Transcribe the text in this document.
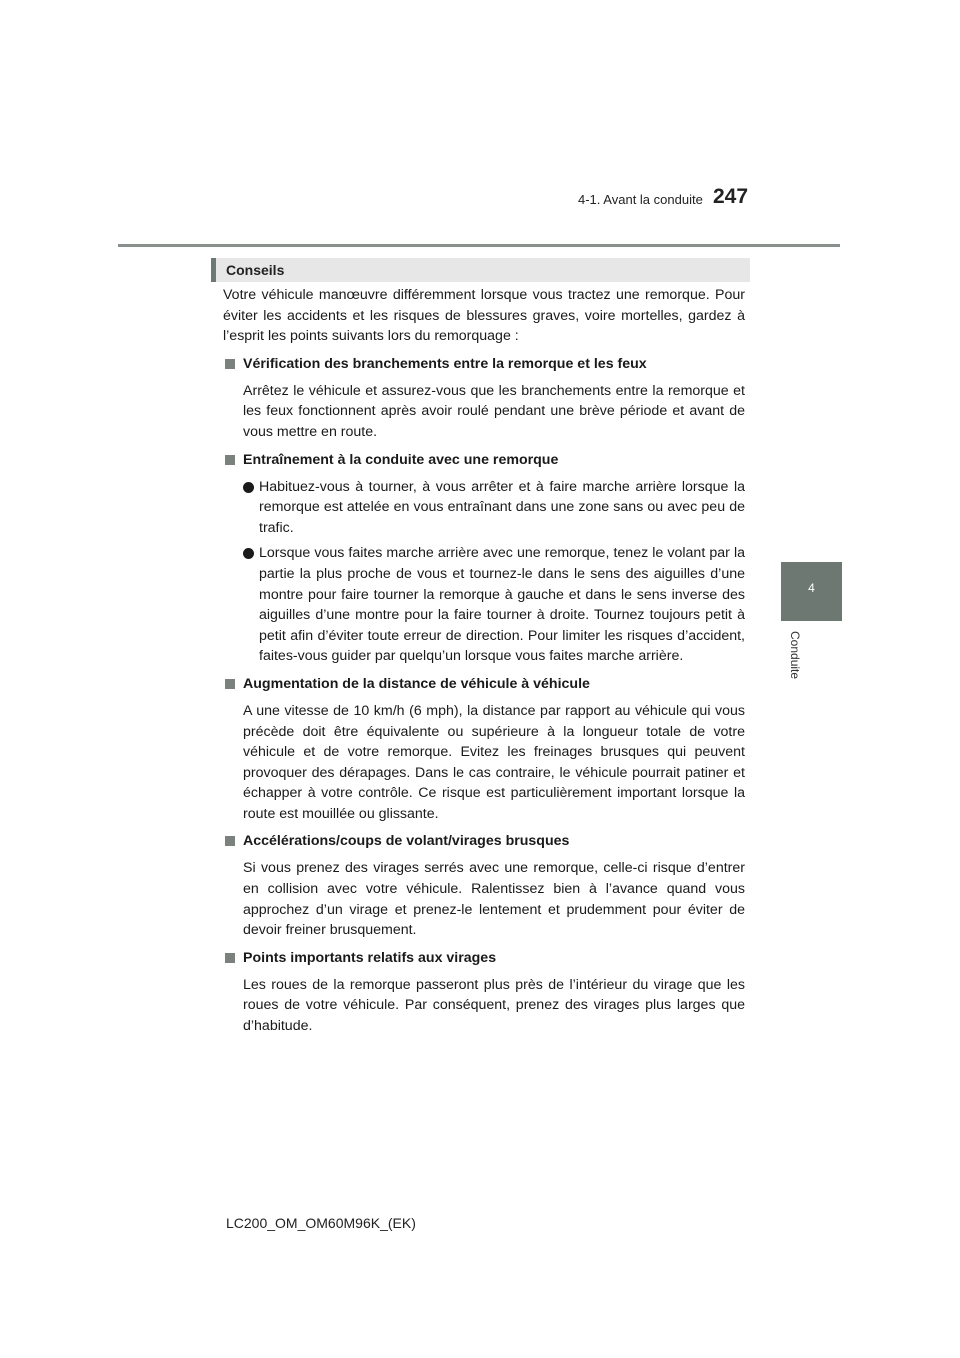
4-1. Avant la conduite 247
4
Conduite
Conseils

Votre véhicule manœuvre différemment lorsque vous tractez une remorque. Pour éviter les accidents et les risques de blessures graves, voire mortelles, gardez à l’esprit les points suivants lors du remorquage :

Vérification des branchements entre la remorque et les feux

Arrêtez le véhicule et assurez-vous que les branchements entre la remorque et les feux fonctionnent après avoir roulé pendant une brève période et avant de vous mettre en route.

Entraînement à la conduite avec une remorque

Habituez-vous à tourner, à vous arrêter et à faire marche arrière lorsque la remorque est attelée en vous entraînant dans une zone sans ou avec peu de trafic.

Lorsque vous faites marche arrière avec une remorque, tenez le volant par la partie la plus proche de vous et tournez-le dans le sens des aiguilles d’une montre pour faire tourner la remorque à gauche et dans le sens inverse des aiguilles d’une montre pour la faire tourner à droite. Tournez toujours petit à petit afin d’éviter toute erreur de direction. Pour limiter les risques d’accident, faites-vous guider par quelqu’un lorsque vous faites marche arrière.

Augmentation de la distance de véhicule à véhicule

A une vitesse de 10 km/h (6 mph), la distance par rapport au véhicule qui vous précède doit être équivalente ou supérieure à la longueur totale de votre véhicule et de votre remorque. Evitez les freinages brusques qui peuvent provoquer des dérapages. Dans le cas contraire, le véhicule pourrait patiner et échapper à votre contrôle. Ce risque est particulièrement important lorsque la route est mouillée ou glissante.

Accélérations/coups de volant/virages brusques

Si vous prenez des virages serrés avec une remorque, celle-ci risque d’entrer en collision avec votre véhicule. Ralentissez bien à l’avance quand vous approchez d’un virage et prenez-le lentement et prudemment pour éviter de devoir freiner brusquement.

Points importants relatifs aux virages

Les roues de la remorque passeront plus près de l’intérieur du virage que les roues de votre véhicule. Par conséquent, prenez des virages plus larges que d’habitude.

LC200_OM_OM60M96K_(EK)
